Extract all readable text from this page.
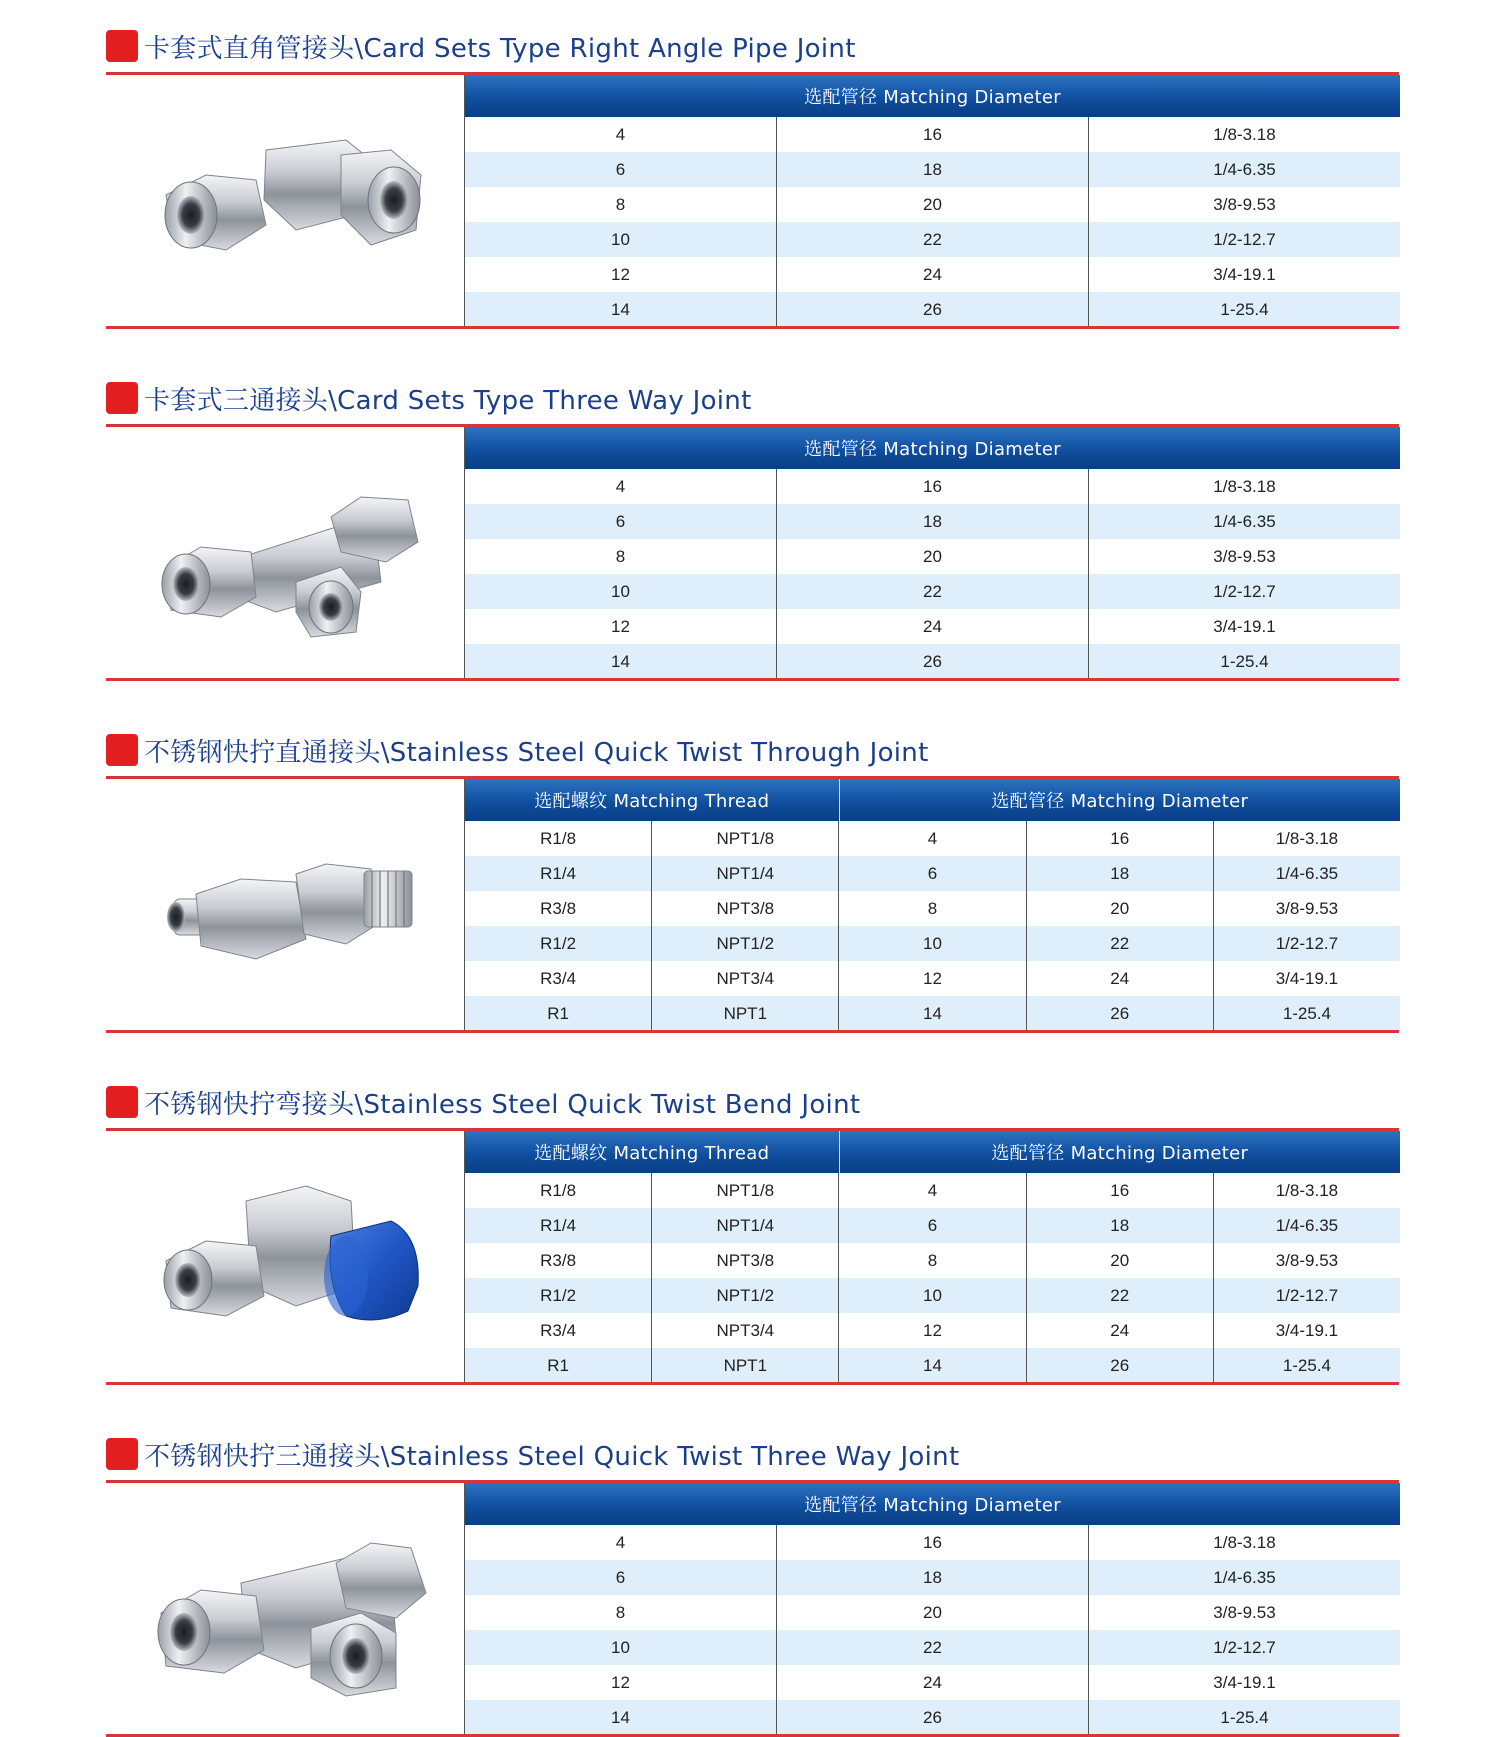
卡套式直角管接头\Card Sets Type Right Angle Pipe Joint
选配管径 Matching Diameter
4	16	1/8-3.18
6	18	1/4-6.35
8	20	3/8-9.53
10	22	1/2-12.7
12	24	3/4-19.1
14	26	1-25.4
卡套式三通接头\Card Sets Type Three Way Joint
选配管径 Matching Diameter
4	16	1/8-3.18
6	18	1/4-6.35
8	20	3/8-9.53
10	22	1/2-12.7
12	24	3/4-19.1
14	26	1-25.4
不锈钢快拧直通接头\Stainless Steel Quick Twist Through Joint
选配螺纹 Matching Thread	选配管径 Matching Diameter
R1/8	NPT1/8	4	16	1/8-3.18
R1/4	NPT1/4	6	18	1/4-6.35
R3/8	NPT3/8	8	20	3/8-9.53
R1/2	NPT1/2	10	22	1/2-12.7
R3/4	NPT3/4	12	24	3/4-19.1
R1	NPT1	14	26	1-25.4
不锈钢快拧弯接头\Stainless Steel Quick Twist Bend Joint
选配螺纹 Matching Thread	选配管径 Matching Diameter
R1/8	NPT1/8	4	16	1/8-3.18
R1/4	NPT1/4	6	18	1/4-6.35
R3/8	NPT3/8	8	20	3/8-9.53
R1/2	NPT1/2	10	22	1/2-12.7
R3/4	NPT3/4	12	24	3/4-19.1
R1	NPT1	14	26	1-25.4
不锈钢快拧三通接头\Stainless Steel Quick Twist Three Way Joint
选配管径 Matching Diameter
4	16	1/8-3.18
6	18	1/4-6.35
8	20	3/8-9.53
10	22	1/2-12.7
12	24	3/4-19.1
14	26	1-25.4
